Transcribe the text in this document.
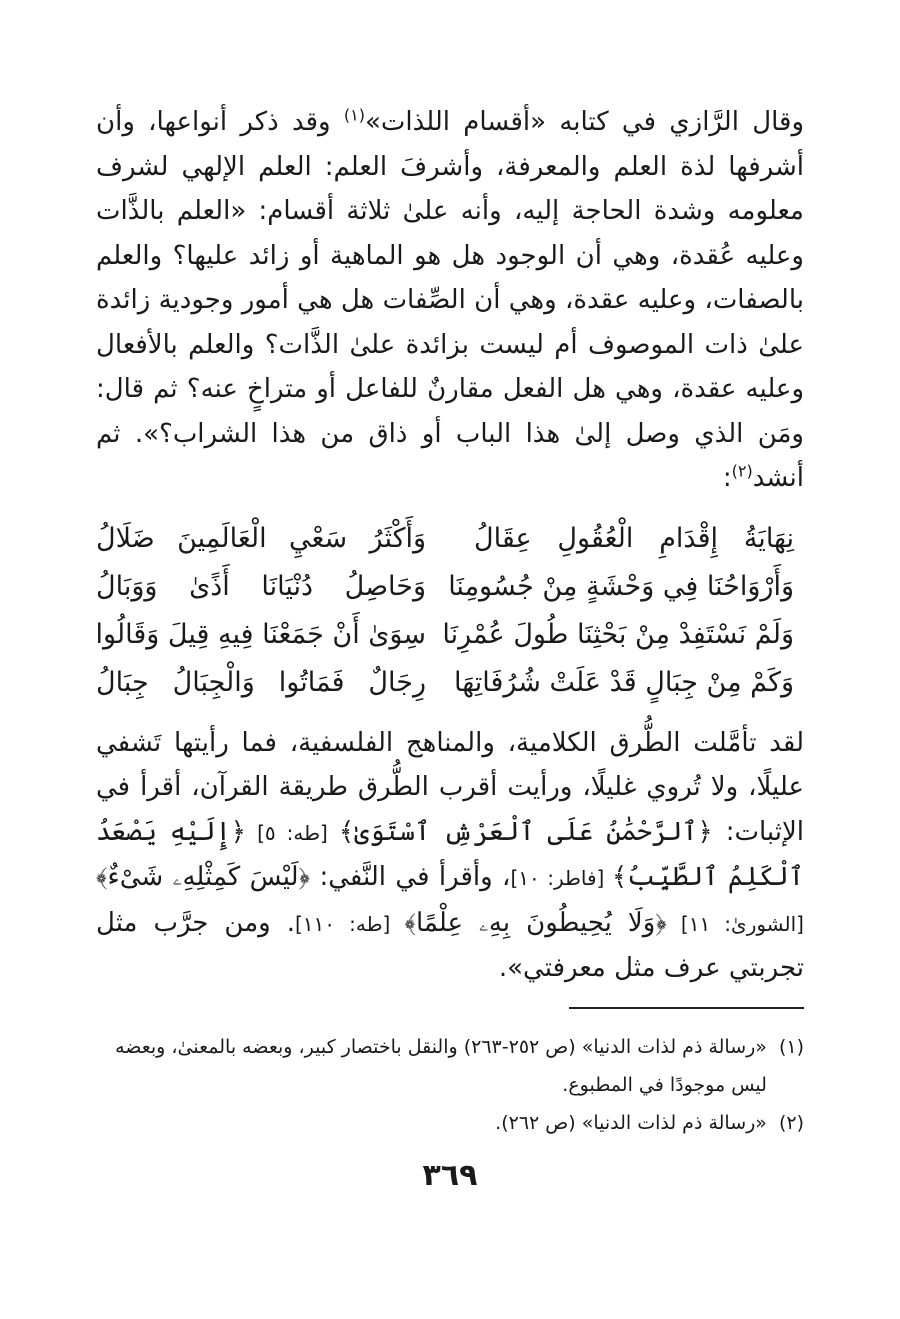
وقال الرَّازي في كتابه «أقسام اللذات»$^{(١)}$ وقد ذكر أنواعها، وأن أشرفها لذة العلم والمعرفة، وأشرفَ العلم: العلم الإلهي لشرف معلومه وشدة الحاجة إليه، وأنه علىٰ ثلاثة أقسام: «العلم بالذَّات وعليه عُقدة، وهي أن الوجود هل هو الماهية أو زائد عليها؟ والعلم بالصفات، وعليه عقدة، وهي أن الصِّفات هل هي أمور وجودية زائدة علىٰ ذات الموصوف أم ليست بزائدة علىٰ الذَّات؟ والعلم بالأفعال وعليه عقدة، وهي هل الفعل مقارنٌ للفاعل أو متراخٍ عنه؟ ثم قال: ومَن الذي وصل إلىٰ هذا الباب أو ذاق من هذا الشراب؟». ثم أنشد$^{(٢)}$:
نِهَايَةُ إِقْدَامِ الْعُقُولِ عِقَالُ
وَأَكْثَرُ سَعْيِ الْعَالَمِينَ ضَلَالُ
وَأَرْوَاحُنَا فِي وَحْشَةٍ مِنْ جُسُومِنَا
وَحَاصِلُ دُنْيَانَا أَذًىٰ وَوَبَالُ
وَلَمْ نَسْتَفِدْ مِنْ بَحْثِنَا طُولَ عُمْرِنَا
سِوَىٰ أَنْ جَمَعْنَا فِيهِ قِيلَ وَقَالُوا
وَكَمْ مِنْ جِبَالٍ قَدْ عَلَتْ شُرُفَاتِهَا
رِجَالٌ فَمَاتُوا وَالْجِبَالُ جِبَالُ
لقد تأمَّلت الطُّرق الكلامية، والمناهج الفلسفية، فما رأيتها تَشفي عليلًا، ولا تُروي غليلًا، ورأيت أقرب الطُّرق طريقة القرآن، أقرأ في الإثبات: ﴿ٱلرَّحْمَٰنُ عَلَى ٱلْعَرْشِ ٱسْتَوَىٰ﴾ [طه: ٥] ﴿إِلَيْهِ يَصْعَدُ ٱلْكَلِمُ ٱلطَّيِّبُ﴾ [فاطر: ١٠]، وأقرأ في النَّفي: ﴿لَيْسَ كَمِثْلِهِۦ شَىْءٌ﴾ [الشورىٰ: ١١] ﴿وَلَا يُحِيطُونَ بِهِۦ عِلْمًا﴾ [طه: ١١٠]. ومن جرَّب مثل تجربتي عرف مثل معرفتي».
(١)
«رسالة ذم لذات الدنيا» (ص ٢٥٢-٢٦٣) والنقل باختصار كبير، وبعضه بالمعنىٰ، وبعضه ليس موجودًا في المطبوع.
(٢)
«رسالة ذم لذات الدنيا» (ص ٢٦٢).
٣٦٩
